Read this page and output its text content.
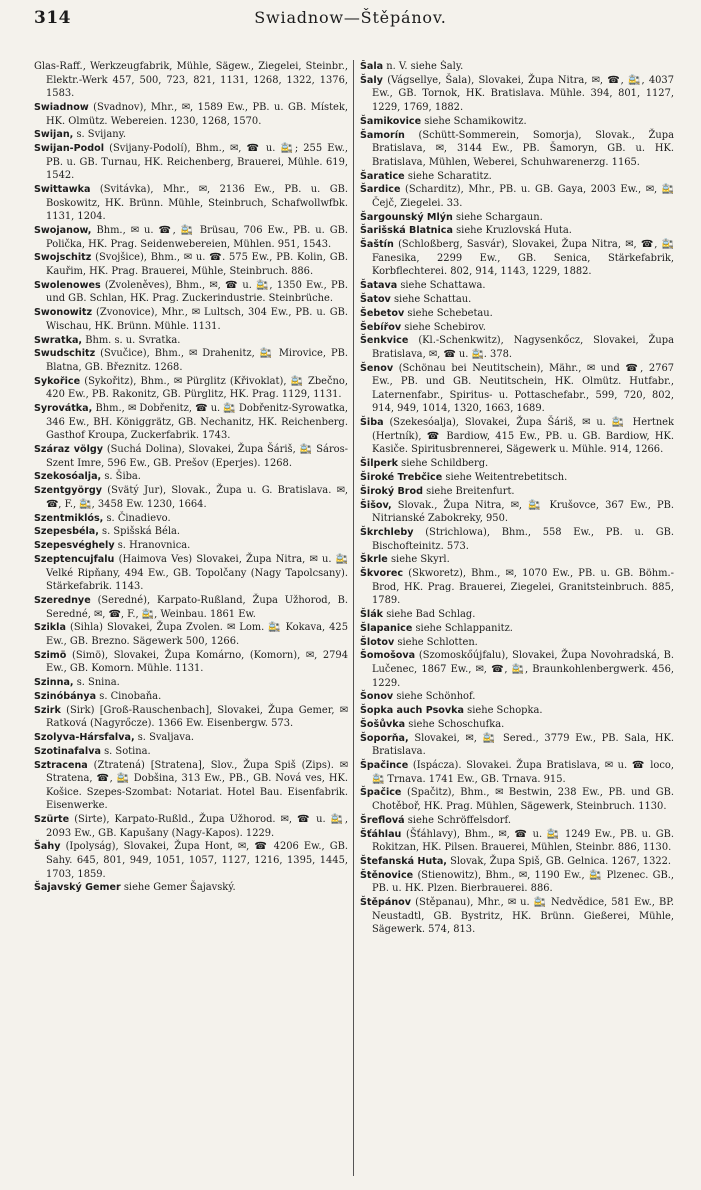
314	Swiadnow—Štěpánov.

Glas-Raff., Werkzeugfabrik, Mühle, Sägew., Ziegelei, Steinbr., Elektr.-Werk 457, 500, 723, 821, 1131, 1268, 1322, 1376, 1583.

Swiadnow (Svadnov), Mhr., ✉, 1589 Ew., PB. u. GB. Místek, HK. Olmütz. Webereien. 1230, 1268, 1570.

Swijan, s. Svijany.

Swijan-Podol (Svijany-Podolí), Bhm., ✉, ☎ u. 🚉; 255 Ew., PB. u. GB. Turnau, HK. Reichenberg, Brauerei, Mühle. 619, 1542.

Swittawka (Svitávka), Mhr., ✉, 2136 Ew., PB. u. GB. Boskowitz, HK. Brünn. Mühle, Steinbruch, Schafwollwfbk. 1131, 1204.

Swojanow, Bhm., ✉ u. ☎, 🚉 Brüsau, 706 Ew., PB. u. GB. Polička, HK. Prag. Seidenwebereien, Mühlen. 951, 1543.

Swojschitz (Svojšice), Bhm., ✉ u. ☎. 575 Ew., PB. Kolin, GB. Kauřim, HK. Prag. Brauerei, Mühle, Steinbruch. 886.

Swolenowes (Zvoleněves), Bhm., ✉, ☎ u. 🚉, 1350 Ew., PB. und GB. Schlan, HK. Prag. Zuckerindustrie. Steinbrüche.

Swonowitz (Zvonovice), Mhr., ✉ Lultsch, 304 Ew., PB. u. GB. Wischau, HK. Brünn. Mühle. 1131.

Swratka, Bhm. s. u. Svratka.

Swudschitz (Svučice), Bhm., ✉ Drahenitz, 🚉 Mirovice, PB. Blatna, GB. Březnitz. 1268.

Sykořice (Sykořitz), Bhm., ✉ Pürglitz (Křivoklat), 🚉 Zbečno, 420 Ew., PB. Rakonitz, GB. Pürglitz, HK. Prag. 1129, 1131.

Syrovátka, Bhm., ✉ Dobřenitz, ☎ u. 🚉 Dobřenitz-Syrowatka, 346 Ew., BH. Königgrätz, GB. Nechanitz, HK. Reichenberg. Gasthof Kroupa, Zuckerfabrik. 1743.

Száraz völgy (Suchá Dolina), Slovakei, Župa Šáriš, 🚉 Sáros-Szent Imre, 596 Ew., GB. Prešov (Eperjes). 1268.

Szekosóalja, s. Šiba.

Szentgyörgy (Svätý Jur), Slovak., Župa u. G. Bratislava. ✉, ☎, F., 🚉, 3458 Ew. 1230, 1664.

Szentmiklós, s. Činadievo.

Szepesbéla, s. Spišská Béla.

Szepesvéghely s. Hranovnica.

Szeptencujfalu (Haimova Ves) Slovakei, Župa Nitra, ✉ u. 🚉 Velké Ripňany, 494 Ew., GB. Topolčany (Nagy Tapolcsany). Stärkefabrik. 1143.

Szerednye (Seredné), Karpato-Rußland, Župa Užhorod, B. Seredné, ✉, ☎, F., 🚉, Weinbau. 1861 Ew.

Szikla (Sihla) Slovakei, Župa Zvolen. ✉ Lom. 🚉 Kokava, 425 Ew., GB. Brezno. Sägewerk 500, 1266.

Szimö (Simö), Slovakei, Župa Komárno, (Komorn), ✉, 2794 Ew., GB. Komorn. Mühle. 1131.

Szinna, s. Snina.

Szinóbánya s. Cinobaňa.

Szirk (Sirk) [Groß-Rauschenbach], Slovakei, Župa Gemer, ✉ Ratková (Nagyrőcze). 1366 Ew. Eisenbergw. 573.

Szolyva-Hársfalva, s. Svaljava.

Szotinafalva s. Sotina.

Sztracena (Ztratená) [Stratena], Slov., Župa Spiš (Zips). ✉ Stratena, ☎, 🚉 Dobšina, 313 Ew., PB., GB. Nová ves, HK. Košice. Szepes-Szombat: Notariat. Hotel Bau. Eisenfabrik. Eisenwerke.

Szürte (Sirte), Karpato-Rußld., Župa Užhorod. ✉, ☎ u. 🚉, 2093 Ew., GB. Kapušany (Nagy-Kapos). 1229.

Šahy (Ipolyság), Slovakei, Župa Hont, ✉, ☎ 4206 Ew., GB. Sahy. 645, 801, 949, 1051, 1057, 1127, 1216, 1395, 1445, 1703, 1859.

Šajavský Gemer siehe Gemer Šajavský.

Šala n. V. siehe Šaly.

Šaly (Vágsellye, Šala), Slovakei, Župa Nitra, ✉, ☎, 🚉, 4037 Ew., GB. Tornok, HK. Bratislava. Mühle. 394, 801, 1127, 1229, 1769, 1882.

Šamikovice siehe Schamikowitz.

Šamorín (Schütt-Sommerein, Somorja), Slovak., Župa Bratislava, ✉, 3144 Ew., PB. Šamoryn, GB. u. HK. Bratislava, Mühlen, Weberei, Schuhwarenerzg. 1165.

Šaratice siehe Scharatitz.

Šardice (Scharditz), Mhr., PB. u. GB. Gaya, 2003 Ew., ✉, 🚉 Čejč, Ziegelei. 33.

Šargounský Mlýn siehe Schargaun.

Šarišská Blatnica siehe Kruzlovská Huta.

Šaštín (Schloßberg, Sasvár), Slovakei, Župa Nitra, ✉, ☎, 🚉 Fanesika, 2299 Ew., GB. Senica, Stärkefabrik, Korbflechterei. 802, 914, 1143, 1229, 1882.

Šatava siehe Schattawa.

Šatov siehe Schattau.

Šebetov siehe Schebetau.

Šebířov siehe Schebirov.

Šenkvice (Kl.-Schenkwitz), Nagysenkőcz, Slovakei, Župa Bratislava, ✉, ☎ u. 🚉. 378.

Šenov (Schönau bei Neutitschein), Mähr., ✉ und ☎, 2767 Ew., PB. und GB. Neutitschein, HK. Olmütz. Hutfabr., Laternenfabr., Spiritus- u. Pottaschefabr., 599, 720, 802, 914, 949, 1014, 1320, 1663, 1689.

Šiba (Szekesóalja), Slovakei, Župa Šáriš, ✉ u. 🚉 Hertnek (Hertník), ☎ Bardiow, 415 Ew., PB. u. GB. Bardiow, HK. Kasiče. Spiritusbrennerei, Sägewerk u. Mühle. 914, 1266.

Šilperk siehe Schildberg.

Široké Trebčice siehe Weitentrebetitsch.

Široký Brod siehe Breitenfurt.

Šišov, Slovak., Župa Nitra, ✉, 🚉 Krušovce, 367 Ew., PB. Nitrianské Zabokreky, 950.

Škrchleby (Strichlowa), Bhm., 558 Ew., PB. u. GB. Bischofteinitz. 573.

Škrle siehe Skyrl.

Škvorec (Skworetz), Bhm., ✉, 1070 Ew., PB. u. GB. Böhm.-Brod, HK. Prag. Brauerei, Ziegelei, Granitsteinbruch. 885, 1789.

Šlák siehe Bad Schlag.

Šlapanice siehe Schlappanitz.

Šlotov siehe Schlotten.

Šomošova (Szomoskőújfalu), Slovakei, Župa Novohradská, B. Lučenec, 1867 Ew., ✉, ☎, 🚉, Braunkohlenbergwerk. 456, 1229.

Šonov siehe Schönhof.

Šopka auch Psovka siehe Schopka.

Šošůvka siehe Schoschufka.

Šoporňa, Slovakei, ✉, 🚉 Sered., 3779 Ew., PB. Sala, HK. Bratislava.

Špačince (Ispácza). Slovakei. Župa Bratislava, ✉ u. ☎ loco, 🚉 Trnava. 1741 Ew., GB. Trnava. 915.

Špačice (Spačitz), Bhm., ✉ Bestwin, 238 Ew., PB. und GB. Chotěboř, HK. Prag. Mühlen, Sägewerk, Steinbruch. 1130.

Šreflová siehe Schröffelsdorf.

Šťáhlau (Šťáhlavy), Bhm., ✉, ☎ u. 🚉 1249 Ew., PB. u. GB. Rokitzan, HK. Pilsen. Brauerei, Mühlen, Steinbr. 886, 1130.

Štefanská Huta, Slovak, Župa Spiš, GB. Gelnica. 1267, 1322.

Štěnovice (Stienowitz), Bhm., ✉, 1190 Ew., 🚉 Plzenec. GB., PB. u. HK. Plzen. Bierbrauerei. 886.

Štěpánov (Stěpanau), Mhr., ✉ u. 🚉 Nedvědice, 581 Ew., BP. Neustadtl, GB. Bystritz, HK. Brünn. Gießerei, Mühle, Sägewerk. 574, 813.
